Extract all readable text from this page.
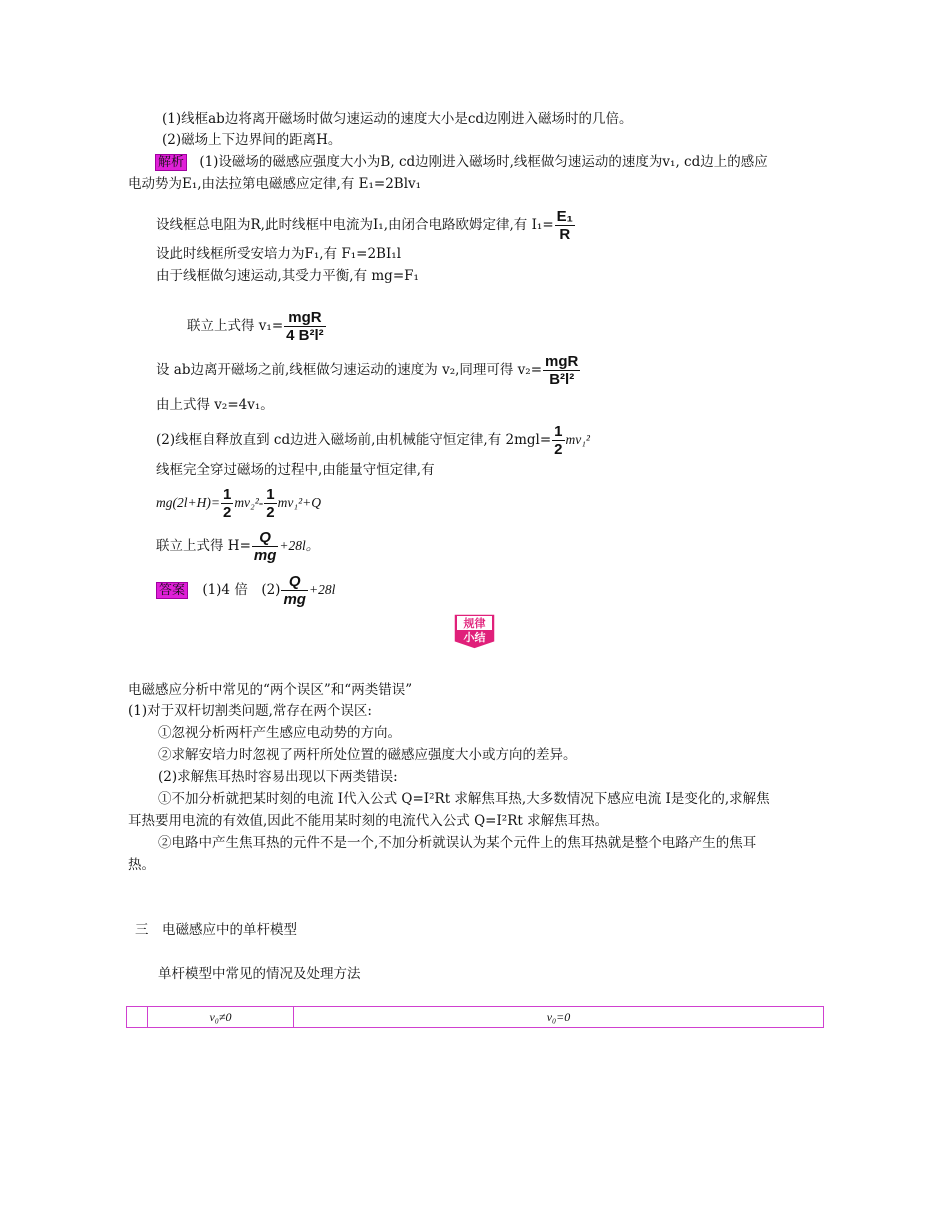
(1)线框ab边将离开磁场时做匀速运动的速度大小是cd边刚进入磁场时的几倍。
(2)磁场上下边界间的距离H。
解析 (1)设磁场的磁感应强度大小为B, cd边刚进入磁场时,线框做匀速运动的速度为v₁, cd边上的感应
电动势为E₁,由法拉第电磁感应定律,有 E₁=2Blv₁
设线框总电阻为R,此时线框中电流为I₁,由闭合电路欧姆定律,有 $I_1= \frac{\text{E₁}}{R}$
设此时线框所受安培力为F₁,有 F₁=2BI₁l
由于线框做匀速运动,其受力平衡,有 mg=F₁
联立上式得 $v_1= \frac{\text{mgR}}{\text{4 B²l²}}$
设 ab边离开磁场之前,线框做匀速运动的速度为 v₂,同理可得 $v_2= \frac{\text{mgR}}{\text{B²l²}}$
由上式得 v₂=4v₁。
(2)线框自释放直到 cd边进入磁场前,由机械能守恒定律,有 $2mgl= \frac{1}{2} mv_1^2$
线框完全穿过磁场的过程中,由能量守恒定律,有
$mg(2l+H)= \frac{1}{2} mv_2^2- \frac{1}{2} mv_1^2+Q$
联立上式得 $H= \frac{Q}{mg} +28l$。
答案 (1)4 倍　$(2) \frac{Q}{mg} +28l$
规律
小结
电磁感应分析中常见的“两个误区”和“两类错误”
(1)对于双杆切割类问题,常存在两个误区:
①忽视分析两杆产生感应电动势的方向。
②求解安培力时忽视了两杆所处位置的磁感应强度大小或方向的差异。
(2)求解焦耳热时容易出现以下两类错误:
①不加分析就把某时刻的电流 I代入公式 Q=I²Rt 求解焦耳热,大多数情况下感应电流 I是变化的,求解焦
耳热要用电流的有效值,因此不能用某时刻的电流代入公式 Q=I²Rt 求解焦耳热。
②电路中产生焦耳热的元件不是一个,不加分析就误认为某个元件上的焦耳热就是整个电路产生的焦耳
热。
三　电磁感应中的单杆模型
单杆模型中常见的情况及处理方法
	v₀≠0	v₀=0
